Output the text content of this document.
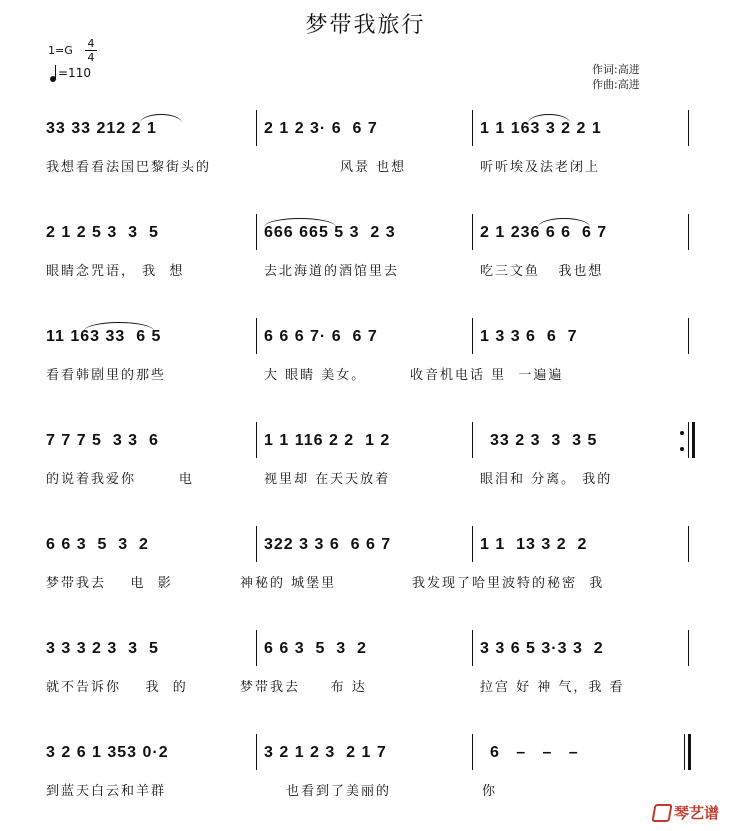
梦带我旅行
1=G
4
4
=110	作词:高进
作曲:高进
33 33 212 2 1	2 1 2 3· 6  6 7	1 1 163 3 2 2 1
我想看看法国巴黎街头的	风景 也想	听听埃及法老闭上
2 1 2 5 3  3  5	666 665 5 3  2 3	2 1 236 6 6  6 7
眼睛念咒语， 我  想	去北海道的酒馆里去	吃三文鱼   我也想
11 163 33  6 5	6 6 6 7· 6  6 7	1 3 3 6  6  7
看看韩剧里的那些	大 眼睛 美女。	收音机电话 里  一遍遍
7 7 7 5  3 3  6	1 1 116 2 2  1 2	33 2 3  3  3 5
的说着我爱你       电	视里却 在天天放着	眼泪和 分离。 我的
6 6 3  5  3  2	322 3 3 6  6 6 7	1 1  13 3 2  2
梦带我去    电  影	神秘的 城堡里	我发现了哈里波特的秘密  我
3 3 3 2 3  3  5	6 6 3  5  3  2	3 3 6 5 3·3 3  2
就不告诉你    我  的	梦带我去     布 达	拉宫 好 神 气，我 看
3 2 6 1 353 0·2	3 2 1 2 3  2 1 7	6   –   –   –
到蓝天白云和羊群	也看到了美丽的	你
琴艺谱
